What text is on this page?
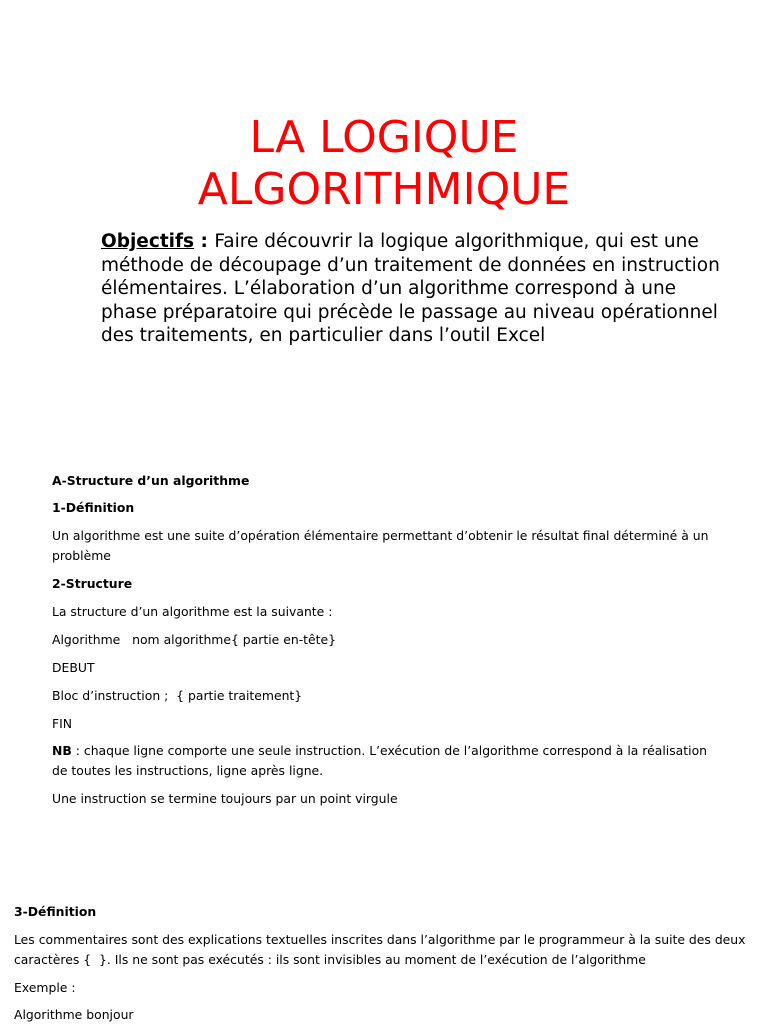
LA LOGIQUE
ALGORITHMIQUE
Objectifs : Faire découvrir la logique algorithmique, qui est une méthode de découpage d’un traitement de données en instruction élémentaires. L’élaboration d’un algorithme correspond à une phase préparatoire qui précède le passage au niveau opérationnel des traitements, en particulier dans l’outil Excel
A-Structure d’un algorithme
1-Définition
Un algorithme est une suite d’opération élémentaire permettant d’obtenir le résultat final déterminé à un
problème
2-Structure
La structure d’un algorithme est la suivante :
Algorithme   nom algorithme{ partie en-tête}
DEBUT
Bloc d’instruction ;  { partie traitement}
FIN
NB : chaque ligne comporte une seule instruction. L’exécution de l’algorithme correspond à la réalisation
de toutes les instructions, ligne après ligne.
Une instruction se termine toujours par un point virgule
3-Définition
Les commentaires sont des explications textuelles inscrites dans l’algorithme par le programmeur à la suite des deux
caractères {  }. Ils ne sont pas exécutés : ils sont invisibles au moment de l’exécution de l’algorithme
Exemple :
Algorithme bonjour
